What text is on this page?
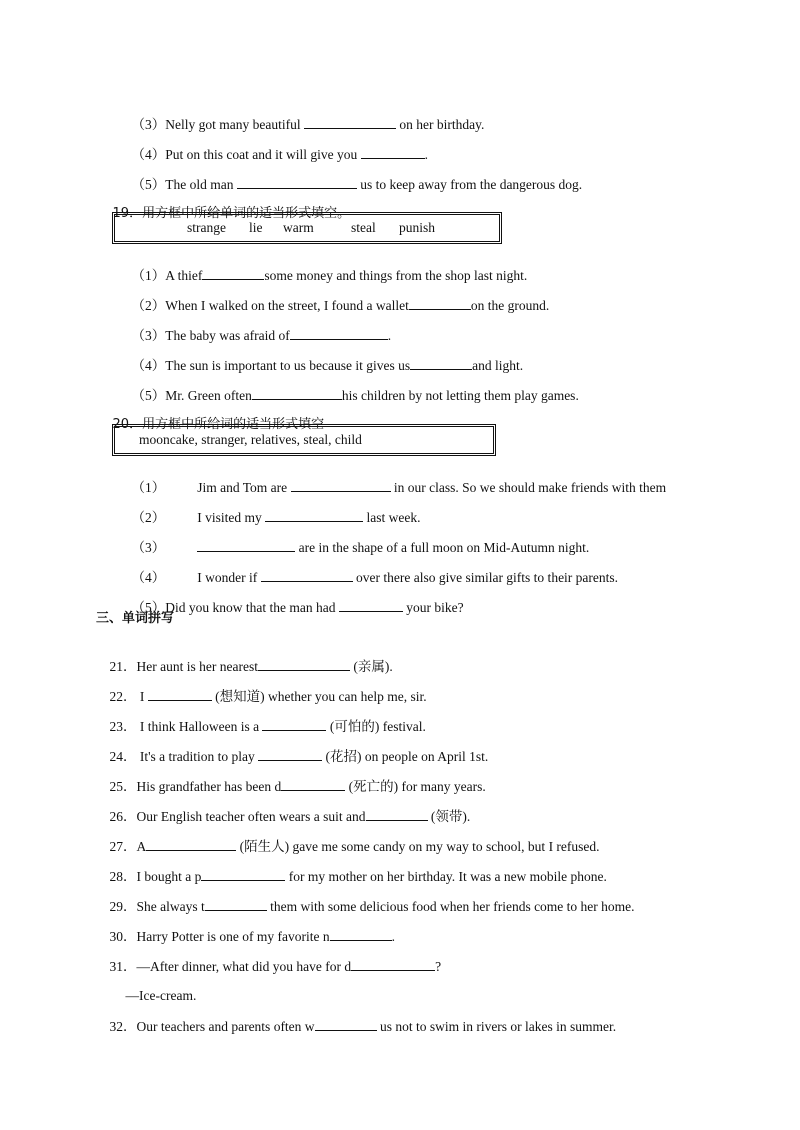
（3）Nelly got many beautiful	on her birthday.

（4）Put on this coat and it will give you	.

（5）The old man	us to keep away from the dangerous dog.

19．用方框中所给单词的适当形式填空。

strange lie warm	steal punish

（1）A thief	some money and things from the shop last night.

（2）When I walked on the street, I found a wallet	on the ground.

（3）The baby was afraid of	.

（4）The sun is important to us because it gives us	and light.

（5）Mr. Green often	his children by not letting them play games.

20．用方框中所给词的适当形式填空

mooncake, stranger, relatives, steal, child

（1） Jim and Tom are	in our class. So we should make friends with them

（2） I visited my	last week.

（3）	are in the shape of a full moon on Mid-Autumn night.

（4） I wonder if	over there also give similar gifts to their parents.

（5）Did you know that the man had	your bike?

三、单词拼写

21．Her aunt is her nearest	(亲属).

22． I	(想知道) whether you can help me, sir.

23． I think Halloween is a	(可怕的) festival.

24． It's a tradition to play	(花招) on people on April 1st.

25．His grandfather has been d	(死亡的) for many years.

26．Our English teacher often wears a suit and	(领带).

27．A	(陌生人) gave me some candy on my way to school, but I refused.

28．I bought a p	for my mother on her birthday. It was a new mobile phone.

29．She always t	them with some delicious food when her friends come to her home.

30．Harry Potter is one of my favorite n	.

31．—After dinner, what did you have for d	?

—Ice-cream.

32．Our teachers and parents often w	us not to swim in rivers or lakes in summer.
